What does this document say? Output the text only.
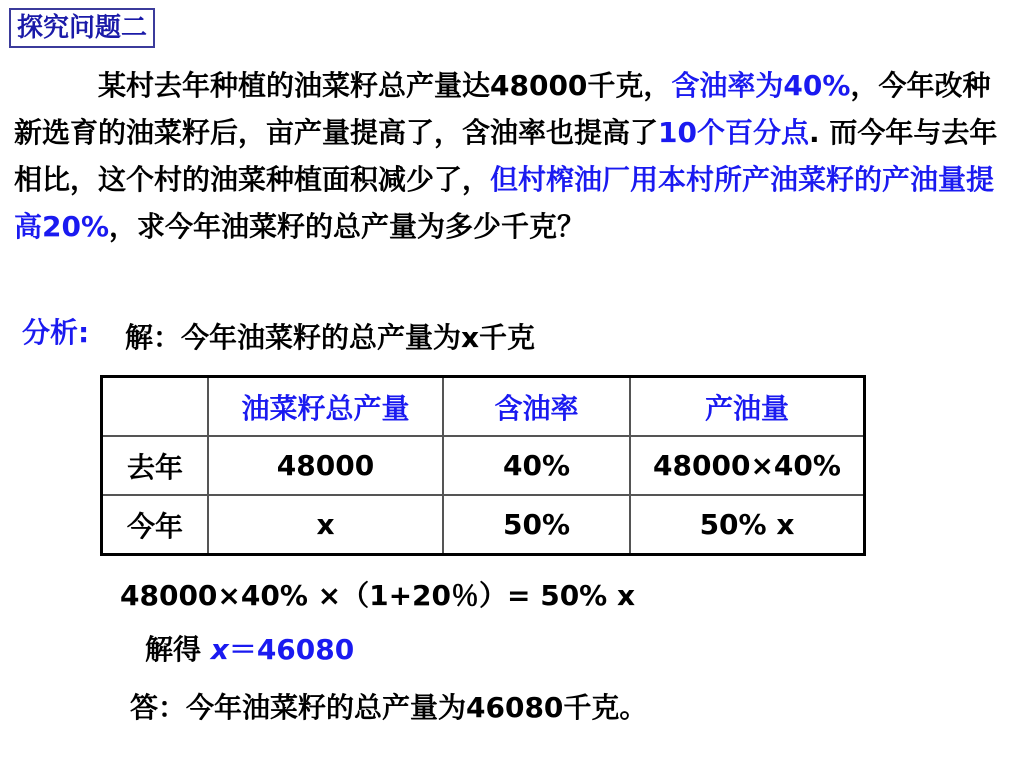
探究问题二
某村去年种植的油菜籽总产量达48000千克，含油率为40%，今年改种新选育的油菜籽后，亩产量提高了，含油率也提高了10个百分点. 而今年与去年相比，这个村的油菜种植面积减少了，但村榨油厂用本村所产油菜籽的产油量提高20%，求今年油菜籽的总产量为多少千克？
分析: 解：今年油菜籽的总产量为x千克
	油菜籽总产量	含油率	产油量
去年	48000	40%	48000×40%
今年	x	50%	50% x
48000×40% ×（1+20％）= 50% x
解得 x＝46080
答：今年油菜籽的总产量为46080千克。
